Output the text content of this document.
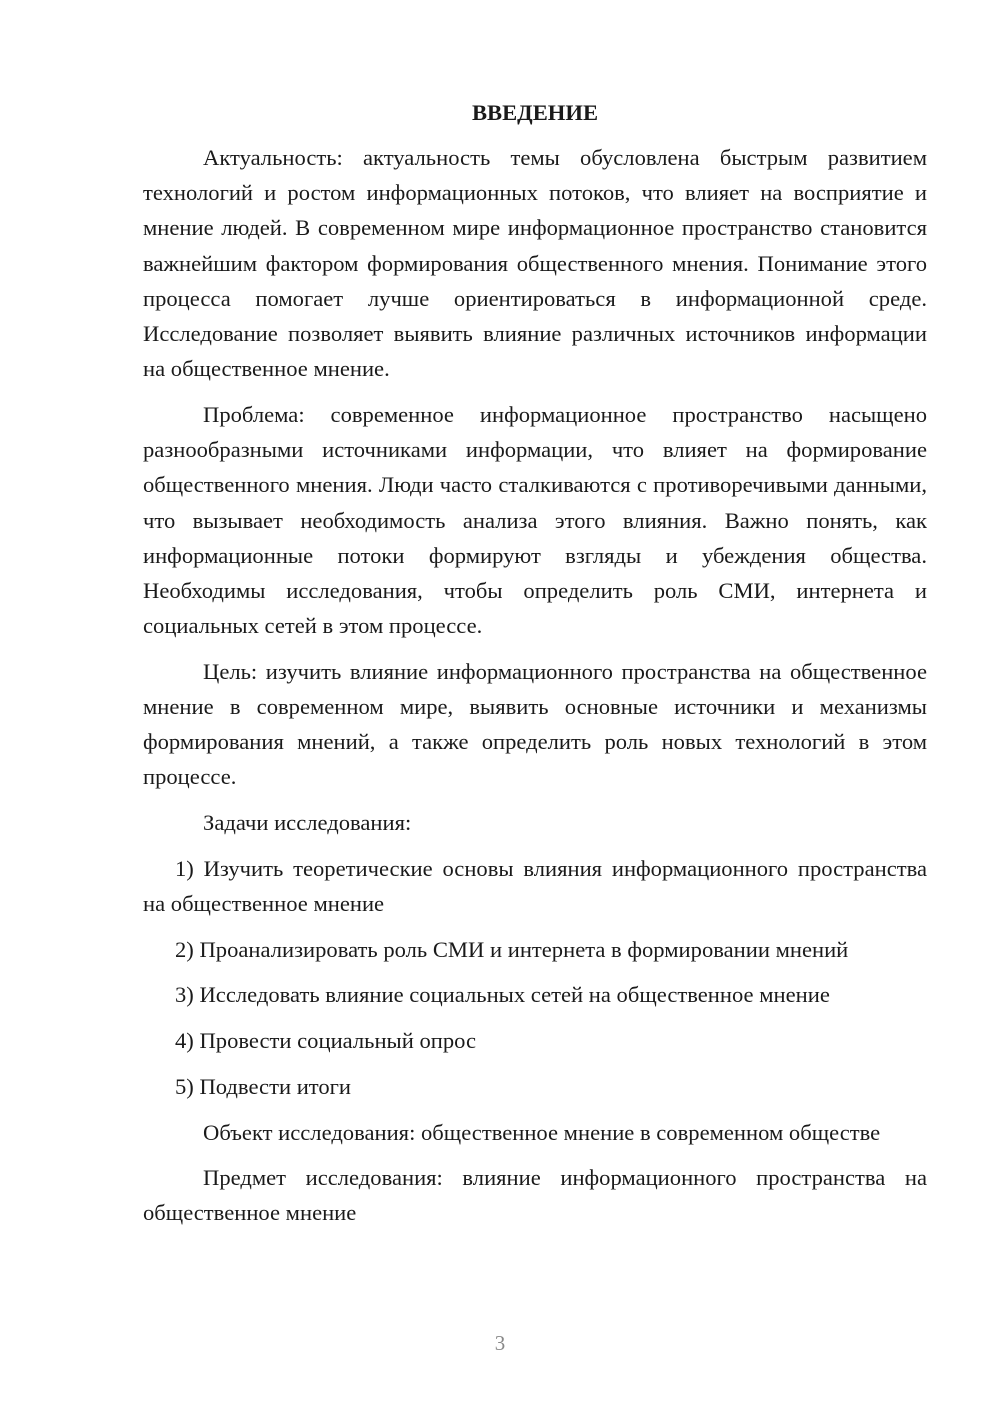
ВВЕДЕНИЕ

Актуальность: актуальность темы обусловлена быстрым развитием технологий и ростом информационных потоков, что влияет на восприятие и мнение людей. В современном мире информационное пространство становится важнейшим фактором формирования общественного мнения. Понимание этого процесса помогает лучше ориентироваться в информационной среде. Исследование позволяет выявить влияние различных источников информации на общественное мнение.

Проблема: современное информационное пространство насыщено разнообразными источниками информации, что влияет на формирование общественного мнения. Люди часто сталкиваются с противоречивыми данными, что вызывает необходимость анализа этого влияния. Важно понять, как информационные потоки формируют взгляды и убеждения общества. Необходимы исследования, чтобы определить роль СМИ, интернета и социальных сетей в этом процессе.

Цель: изучить влияние информационного пространства на общественное мнение в современном мире, выявить основные источники и механизмы формирования мнений, а также определить роль новых технологий в этом процессе.

Задачи исследования:

1) Изучить теоретические основы влияния информационного пространства на общественное мнение

2) Проанализировать роль СМИ и интернета в формировании мнений

3) Исследовать влияние социальных сетей на общественное мнение

4) Провести социальный опрос

5) Подвести итоги

Объект исследования: общественное мнение в современном обществе

Предмет исследования: влияние информационного пространства на общественное мнение

3
